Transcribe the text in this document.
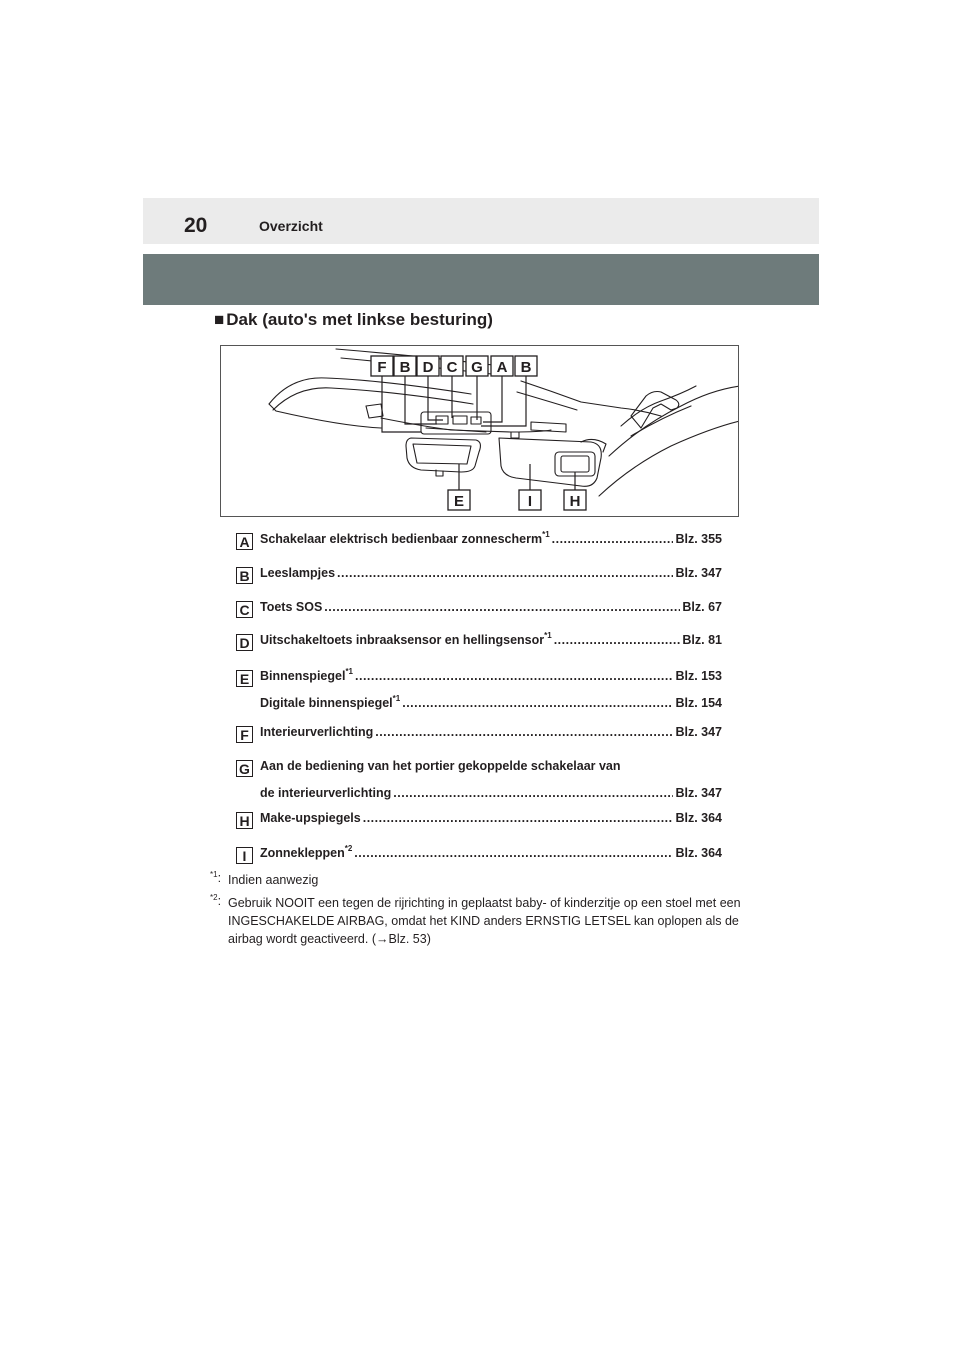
20	Overzicht
■ Dak (auto's met linkse besturing)
F B D C G A B
E	I H
A Schakelaar elektrisch bedienbaar zonnescherm$^{*1}$ .....	Blz. 355
B Leeslampjes .....	Blz. 347
C Toets SOS .....	Blz. 67
D Uitschakeltoets inbraaksensor en hellingsensor$^{*1}$ .....	Blz. 81
E Binnenspiegel$^{*1}$ .....	Blz. 153
Digitale binnenspiegel$^{*1}$ .....	Blz. 154
F Interieurverlichting .....	Blz. 347
G Aan de bediening van het portier gekoppelde schakelaar van
de interieurverlichting .....	Blz. 347
H Make-upspiegels .....	Blz. 364
I	Zonnekleppen$^{*2}$ .....	Blz. 364
$^{*1}$: Indien aanwezig
$^{*2}$: Gebruik NOOIT een tegen de rijrichting in geplaatst baby- of kinderzitje op een stoel met een INGESCHAKELDE AIRBAG, omdat het KIND anders ERNSTIG LETSEL kan oplopen als de airbag wordt geactiveerd. (→Blz. 53)
